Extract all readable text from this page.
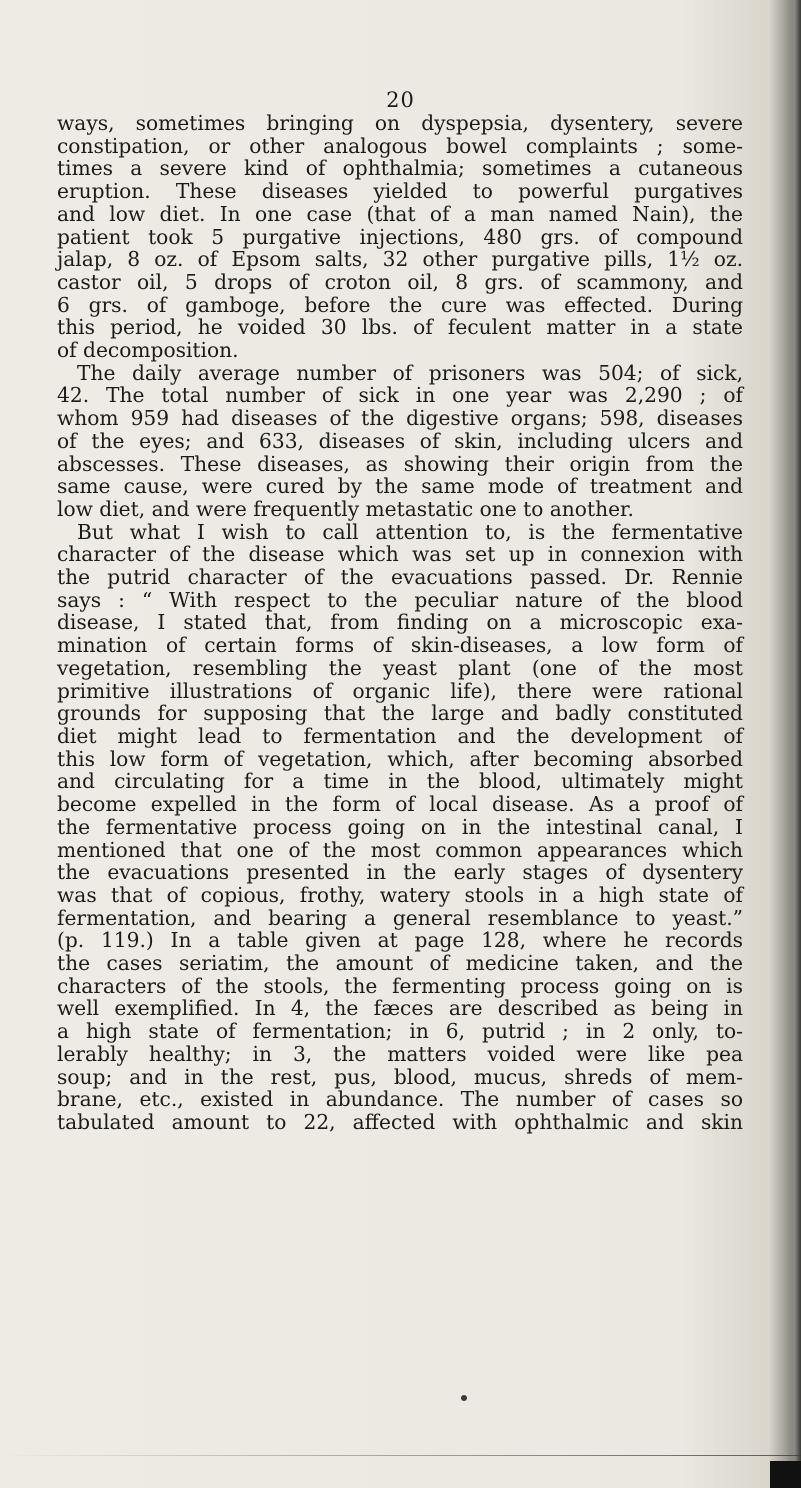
20

ways, sometimes bringing on dyspepsia, dysentery, severe
constipation, or other analogous bowel complaints ; some-
times a severe kind of ophthalmia; sometimes a cutaneous
eruption. These diseases yielded to powerful purgatives
and low diet. In one case (that of a man named Nain), the
patient took 5 purgative injections, 480 grs. of compound
jalap, 8 oz. of Epsom salts, 32 other purgative pills, 1½ oz.
castor oil, 5 drops of croton oil, 8 grs. of scammony, and
6 grs. of gamboge, before the cure was effected. During
this period, he voided 30 lbs. of feculent matter in a state
of decomposition.

The daily average number of prisoners was 504; of sick,
42. The total number of sick in one year was 2,290 ; of
whom 959 had diseases of the digestive organs; 598, diseases
of the eyes; and 633, diseases of skin, including ulcers and
abscesses. These diseases, as showing their origin from the
same cause, were cured by the same mode of treatment and
low diet, and were frequently metastatic one to another.

But what I wish to call attention to, is the fermentative
character of the disease which was set up in connexion with
the putrid character of the evacuations passed. Dr. Rennie
says : “ With respect to the peculiar nature of the blood
disease, I stated that, from finding on a microscopic exa-
mination of certain forms of skin-diseases, a low form of
vegetation, resembling the yeast plant (one of the most
primitive illustrations of organic life), there were rational
grounds for supposing that the large and badly constituted
diet might lead to fermentation and the development of
this low form of vegetation, which, after becoming absorbed
and circulating for a time in the blood, ultimately might
become expelled in the form of local disease. As a proof of
the fermentative process going on in the intestinal canal, I
mentioned that one of the most common appearances which
the evacuations presented in the early stages of dysentery
was that of copious, frothy, watery stools in a high state of
fermentation, and bearing a general resemblance to yeast.”
(p. 119.) In a table given at page 128, where he records
the cases seriatim, the amount of medicine taken, and the
characters of the stools, the fermenting process going on is
well exemplified. In 4, the fæces are described as being in
a high state of fermentation; in 6, putrid ; in 2 only, to-
lerably healthy; in 3, the matters voided were like pea
soup; and in the rest, pus, blood, mucus, shreds of mem-
brane, etc., existed in abundance. The number of cases so
tabulated amount to 22, affected with ophthalmic and skin
